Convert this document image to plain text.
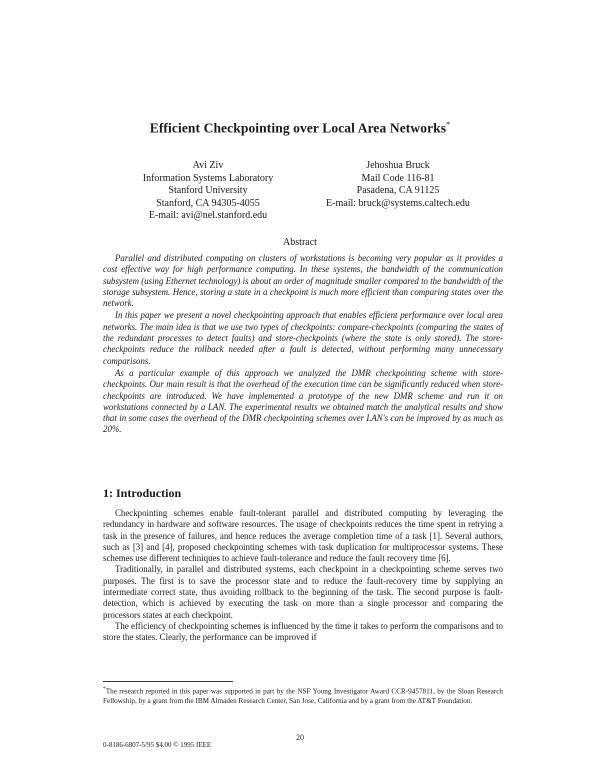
Efficient Checkpointing over Local Area Networks*
Avi Ziv
Information Systems Laboratory
Stanford University
Stanford, CA 94305-4055
E-mail: avi@nel.stanford.edu
Jehoshua Bruck
Mail Code 116-81
Pasadena, CA 91125
E-mail: bruck@systems.caltech.edu
Abstract

Parallel and distributed computing on clusters of workstations is becoming very popular as it provides a cost effective way for high performance computing. In these systems, the bandwidth of the communication subsystem (using Ethernet technology) is about an order of magnitude smaller compared to the bandwidth of the storage subsystem. Hence, storing a state in a checkpoint is much more efficient than comparing states over the network.

In this paper we present a novel checkpointing approach that enables efficient performance over local area networks. The main idea is that we use two types of checkpoints: compare-checkpoints (comparing the states of the redundant processes to detect faults) and store-checkpoints (where the state is only stored). The store-checkpoints reduce the rollback needed after a fault is detected, without performing many unnecessary comparisons.

As a particular example of this approach we analyzed the DMR checkpointing scheme with store-checkpoints. Our main result is that the overhead of the execution time can be significantly reduced when store-checkpoints are introduced. We have implemented a prototype of the new DMR scheme and run it on workstations connected by a LAN. The experimental results we obtained match the analytical results and show that in some cases the overhead of the DMR checkpointing schemes over LAN's can be improved by as much as 20%.

1: Introduction

Checkpointing schemes enable fault-tolerant parallel and distributed computing by leveraging the redundancy in hardware and software resources. The usage of checkpoints reduces the time spent in retrying a task in the presence of failures, and hence reduces the average completion time of a task [1]. Several authors, such as [3] and [4], proposed checkpointing schemes with task duplication for multiprocessor systems. These schemes use different techniques to achieve fault-tolerance and reduce the fault recovery time [6].

Traditionally, in parallel and distributed systems, each checkpoint in a checkpointing scheme serves two purposes. The first is to save the processor state and to reduce the fault-recovery time by supplying an intermediate correct state, thus avoiding rollback to the beginning of the task. The second purpose is fault-detection, which is achieved by executing the task on more than a single processor and comparing the processors states at each checkpoint.

The efficiency of checkpointing schemes is influenced by the time it takes to perform the comparisons and to store the states. Clearly, the performance can be improved if

*The research reported in this paper was supported in part by the NSF Young Investigator Award CCR-9457811, by the Sloan Research Fellowship, by a grant from the IBM Almaden Research Center, San Jose, California and by a grant from the AT&T Foundation.
20
0-8186-6807-5/95 $4.00 © 1995 IEEE
